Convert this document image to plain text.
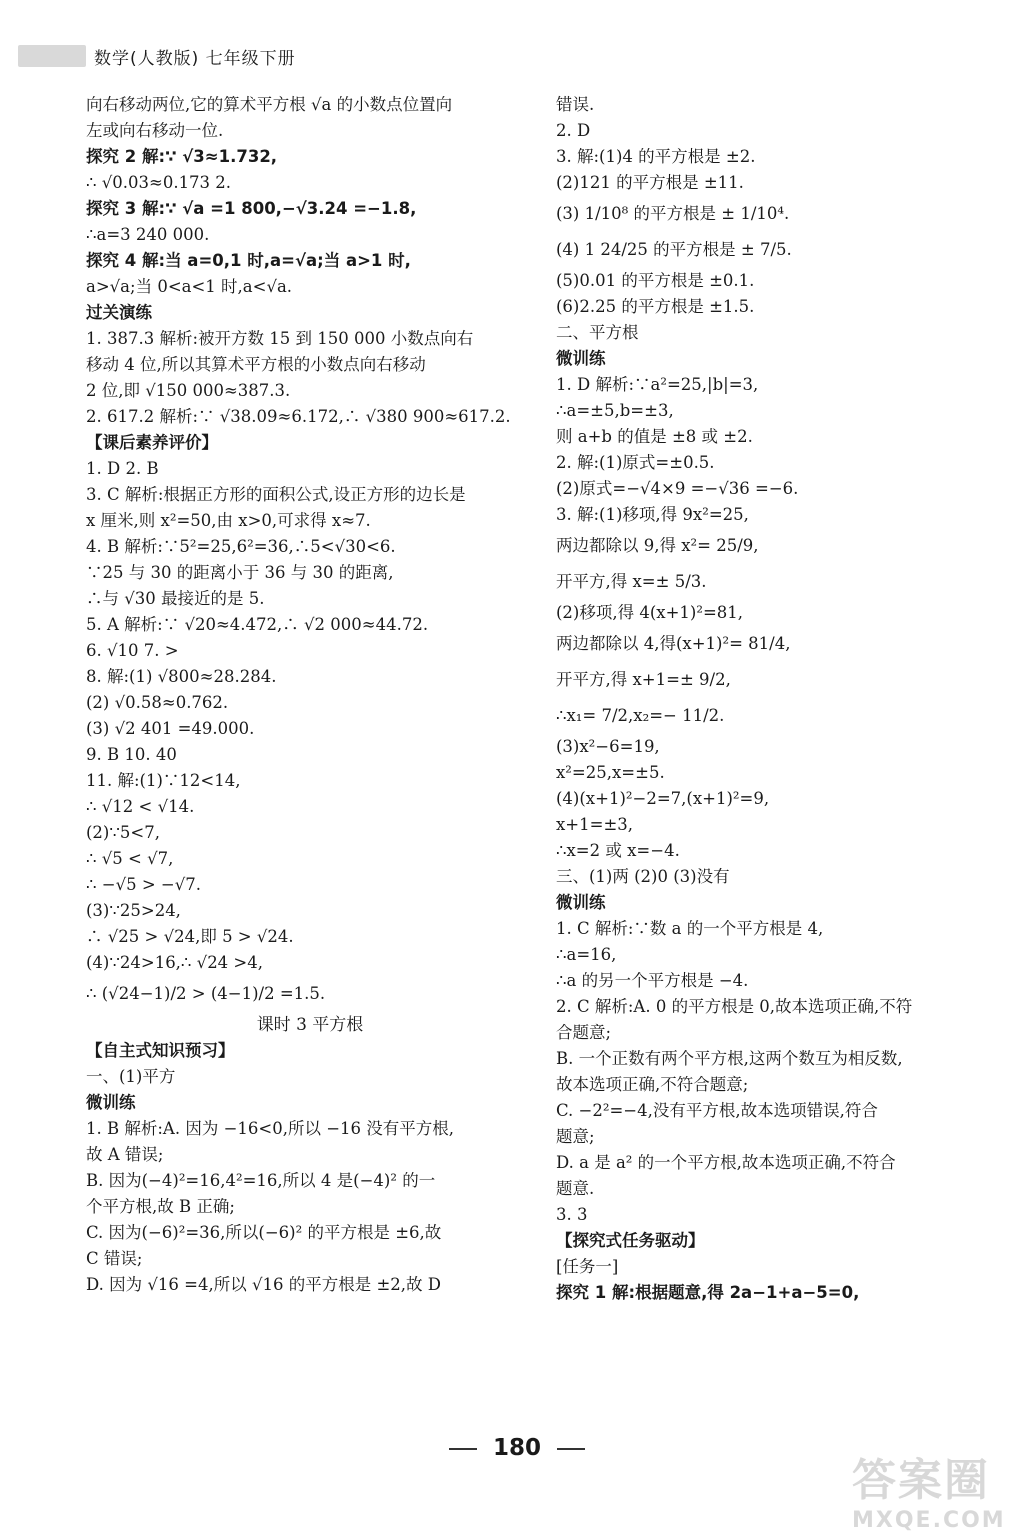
数学(人教版) 七年级下册
向右移动两位,它的算术平方根 √a 的小数点位置向
左或向右移动一位.
探究 2 解:∵ √3≈1.732,
∴ √0.03≈0.173 2.
探究 3 解:∵ √a =1 800,−√3.24 =−1.8,
∴a=3 240 000.
探究 4 解:当 a=0,1 时,a=√a;当 a>1 时,
a>√a;当 0<a<1 时,a<√a.
过关演练
1. 387.3 解析:被开方数 15 到 150 000 小数点向右
移动 4 位,所以其算术平方根的小数点向右移动
2 位,即 √150 000≈387.3.
2. 617.2 解析:∵ √38.09≈6.172,∴ √380 900≈617.2.
【课后素养评价】
1. D 2. B
3. C 解析:根据正方形的面积公式,设正方形的边长是
x 厘米,则 x²=50,由 x>0,可求得 x≈7.
4. B 解析:∵5²=25,6²=36,∴5<√30<6.
∵25 与 30 的距离小于 36 与 30 的距离,
∴与 √30 最接近的是 5.
5. A 解析:∵ √20≈4.472,∴ √2 000≈44.72.
6. √10 7. >
8. 解:(1) √800≈28.284.
(2) √0.58≈0.762.
(3) √2 401 =49.000.
9. B 10. 40
11. 解:(1)∵12<14,
∴ √12 < √14.
(2)∵5<7,
∴ √5 < √7,
∴ −√5 > −√7.
(3)∵25>24,
∴ √25 > √24,即 5 > √24.
(4)∵24>16,∴ √24 >4,
∴ (√24−1)/2 > (4−1)/2 =1.5.
课时 3 平方根
【自主式知识预习】
一、(1)平方
微训练
1. B 解析:A. 因为 −16<0,所以 −16 没有平方根,
故 A 错误;
B. 因为(−4)²=16,4²=16,所以 4 是(−4)² 的一
个平方根,故 B 正确;
C. 因为(−6)²=36,所以(−6)² 的平方根是 ±6,故
C 错误;
D. 因为 √16 =4,所以 √16 的平方根是 ±2,故 D
错误.
2. D
3. 解:(1)4 的平方根是 ±2.
(2)121 的平方根是 ±11.
(3) 1/10⁸ 的平方根是 ± 1/10⁴.
(4) 1 24/25 的平方根是 ± 7/5.
(5)0.01 的平方根是 ±0.1.
(6)2.25 的平方根是 ±1.5.
二、平方根
微训练
1. D 解析:∵a²=25,|b|=3,
∴a=±5,b=±3,
则 a+b 的值是 ±8 或 ±2.
2. 解:(1)原式=±0.5.
(2)原式=−√4×9 =−√36 =−6.
3. 解:(1)移项,得 9x²=25,
两边都除以 9,得 x²= 25/9,
开平方,得 x=± 5/3.
(2)移项,得 4(x+1)²=81,
两边都除以 4,得(x+1)²= 81/4,
开平方,得 x+1=± 9/2,
∴x₁= 7/2,x₂=− 11/2.
(3)x²−6=19,
x²=25,x=±5.
(4)(x+1)²−2=7,(x+1)²=9,
x+1=±3,
∴x=2 或 x=−4.
三、(1)两 (2)0 (3)没有
微训练
1. C 解析:∵数 a 的一个平方根是 4,
∴a=16,
∴a 的另一个平方根是 −4.
2. C 解析:A. 0 的平方根是 0,故本选项正确,不符
合题意;
B. 一个正数有两个平方根,这两个数互为相反数,
故本选项正确,不符合题意;
C. −2²=−4,没有平方根,故本选项错误,符合
题意;
D. a 是 a² 的一个平方根,故本选项正确,不符合
题意.
3. 3
【探究式任务驱动】
[任务一]
探究 1 解:根据题意,得 2a−1+a−5=0,
180
答案圈
MXQE.COM
